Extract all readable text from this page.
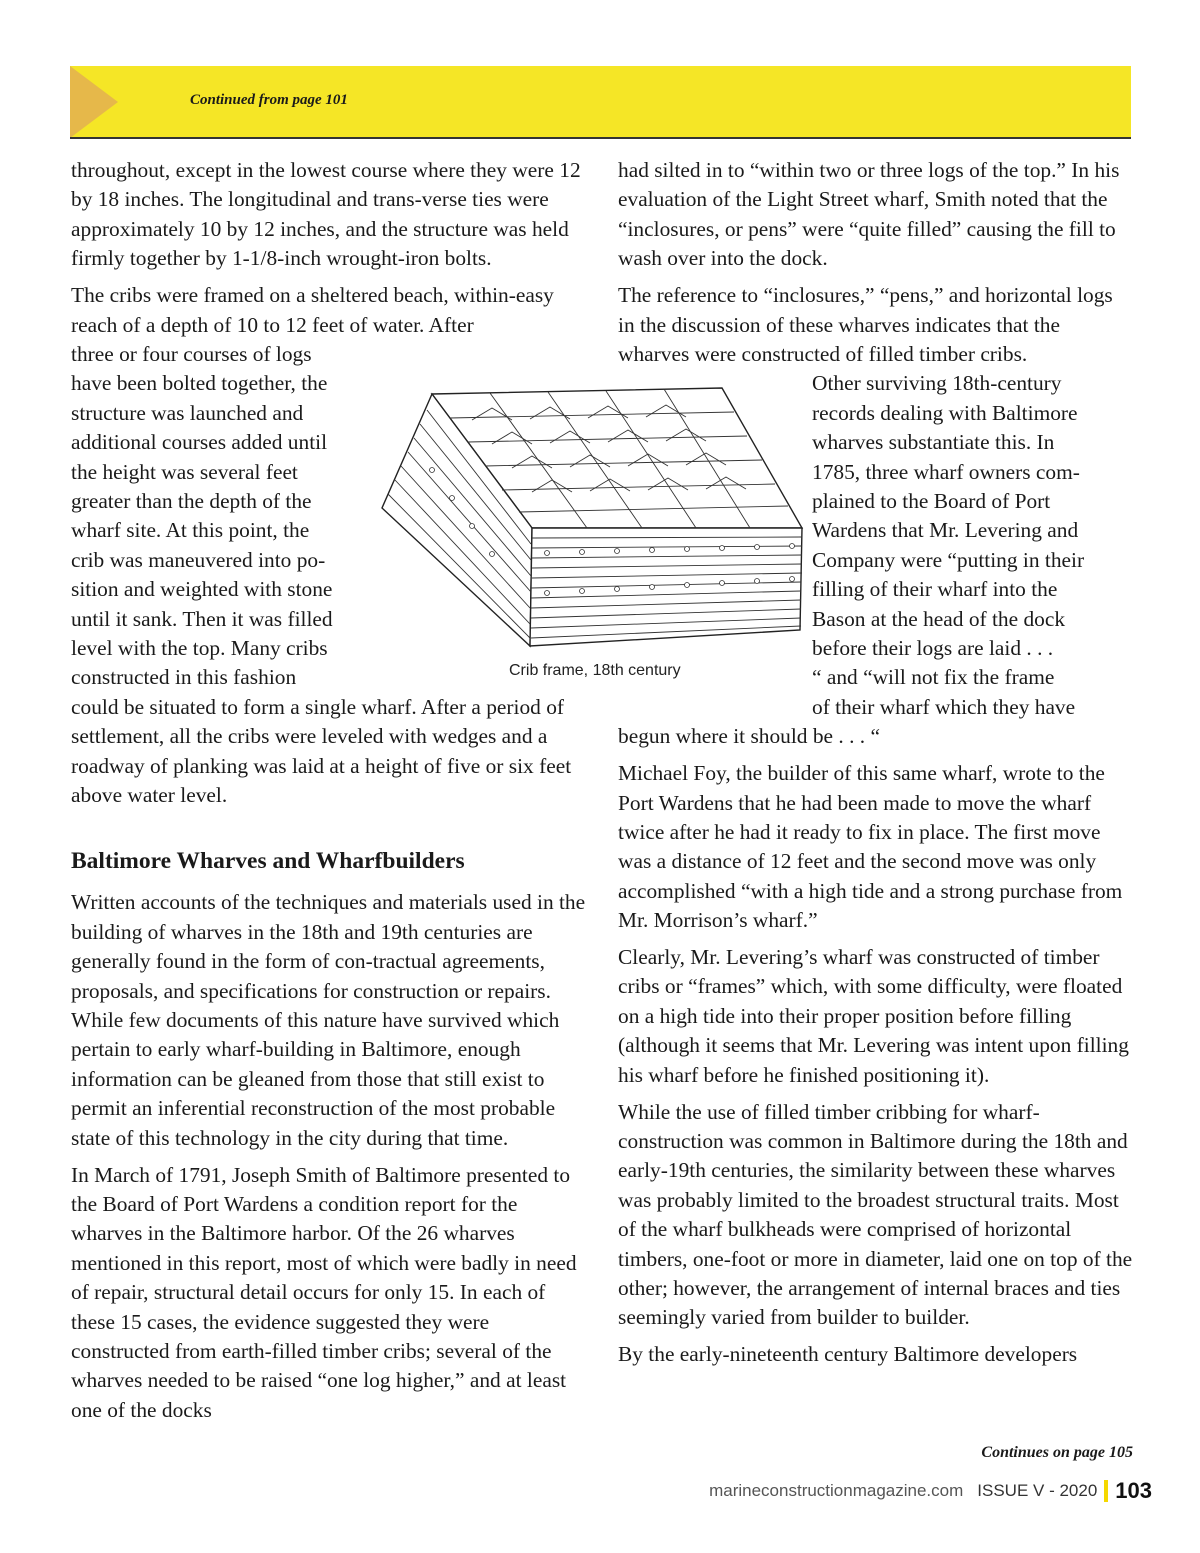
Continued from page 101

throughout, except in the lowest course where they were 12 by 18 inches. The longitudinal and trans-verse ties were approximately 10 by 12 inches, and the structure was held firmly together by 1-1/8-inch wrought-iron bolts.

The cribs were framed on a sheltered beach, within-easy reach of a depth of 10 to 12 feet of water. After

three or four courses of logs
have been bolted together, the
structure was launched and
additional courses added until
the height was several feet
greater than the depth of the
wharf site. At this point, the
crib was maneuvered into po-
sition and weighted with stone
until it sank. Then it was filled
level with the top. Many cribs
constructed in this fashion

could be situated to form a single wharf. After a period of settlement, all the cribs were leveled with wedges and a roadway of planking was laid at a height of five or six feet above water level.

Baltimore Wharves and Wharfbuilders

Written accounts of the techniques and materials used in the building of wharves in the 18th and 19th centuries are generally found in the form of con-tractual agreements, proposals, and specifications for construction or repairs. While few documents of this nature have survived which pertain to early wharf-building in Baltimore, enough information can be gleaned from those that still exist to permit an inferential reconstruction of the most probable state of this technology in the city during that time.

In March of 1791, Joseph Smith of Baltimore presented to the Board of Port Wardens a condition report for the wharves in the Baltimore harbor. Of the 26 wharves mentioned in this report, most of which were badly in need of repair, structural detail occurs for only 15. In each of these 15 cases, the evidence suggested they were constructed from earth-filled timber cribs; several of the wharves needed to be raised “one log higher,” and at least one of the docks

had silted in to “within two or three logs of the top.” In his evaluation of the Light Street wharf, Smith noted that the “inclosures, or pens” were “quite filled” causing the fill to wash over into the dock.

The reference to “inclosures,” “pens,” and horizontal logs in the discussion of these wharves indicates that the wharves were constructed of filled timber cribs.

Other surviving 18th-century
records dealing with Baltimore
wharves substantiate this. In
1785, three wharf owners com-
plained to the Board of Port
Wardens that Mr. Levering and
Company were “putting in their
filling of their wharf into the
Bason at the head of the dock
before their logs are laid . . .
“ and “will not fix the frame
of their wharf which they have

begun where it should be . . . “

Michael Foy, the builder of this same wharf, wrote to the Port Wardens that he had been made to move the wharf twice after he had it ready to fix in place. The first move was a distance of 12 feet and the second move was only accomplished “with a high tide and a strong purchase from Mr. Morrison’s wharf.”

Clearly, Mr. Levering’s wharf was constructed of timber cribs or “frames” which, with some difficulty, were floated on a high tide into their proper position before filling (although it seems that Mr. Levering was intent upon filling his wharf before he finished positioning it).

While the use of filled timber cribbing for wharf-construction was common in Baltimore during the 18th and early-19th centuries, the similarity between these wharves was probably limited to the broadest structural traits. Most of the wharf bulkheads were comprised of horizontal timbers, one-foot or more in diameter, laid one on top of the other; however, the arrangement of internal braces and ties seemingly varied from builder to builder.

By the early-nineteenth century Baltimore developers

Crib frame, 18th century
Continues on page 105
marineconstructionmagazine.com ISSUE V - 2020 103
